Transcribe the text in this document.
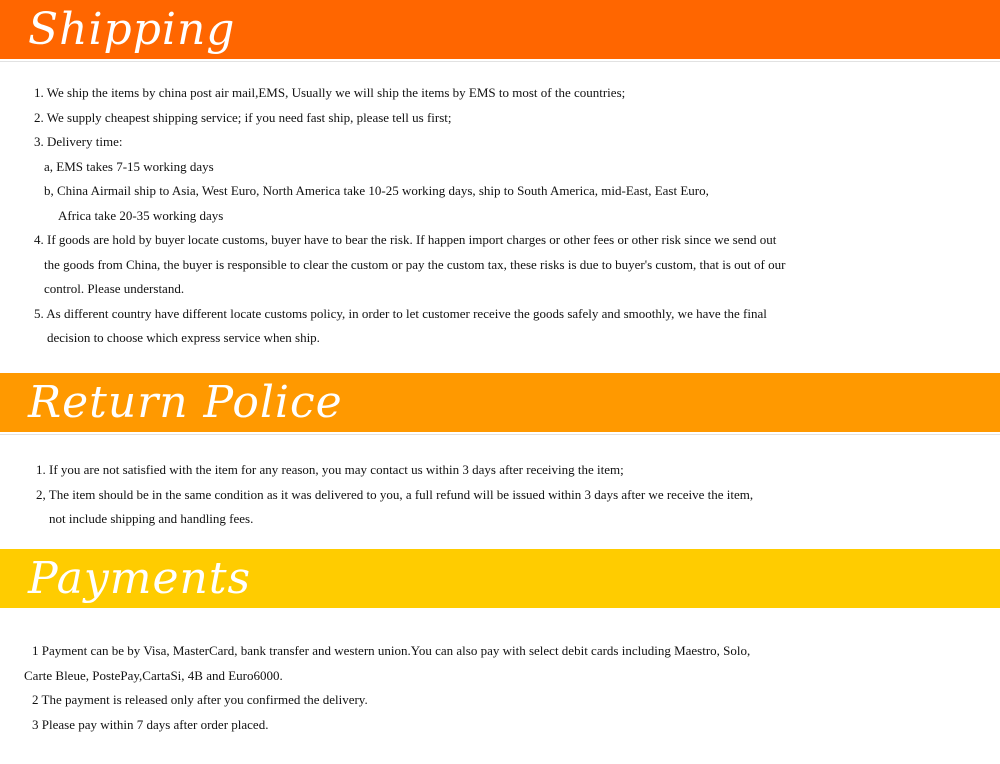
Shipping
1. We ship the items by china post air mail,EMS, Usually we will ship the items by EMS to most of the countries;
2. We supply cheapest shipping service; if you need fast ship, please tell us first;
3. Delivery time:
a, EMS takes 7-15 working days
b, China Airmail ship to Asia, West Euro, North America take 10-25 working days, ship to South America, mid-East, East Euro,
Africa take 20-35 working days
4. If goods are hold by buyer locate customs, buyer have to bear the risk. If happen import charges or other fees or other risk since we send out
the goods from China, the buyer is responsible to clear the custom or pay the custom tax, these risks is due to buyer's custom, that is out of our
control. Please understand.
5. As different country have different locate customs policy, in order to let customer receive the goods safely and smoothly, we have the final
decision to choose which express service when ship.
Return Police
1. If you are not satisfied with the item for any reason, you may contact us within 3 days after receiving the item;
2, The item should be in the same condition as it was delivered to you, a full refund will be issued within 3 days after we receive the item,
not include shipping and handling fees.
Payments
1 Payment can be by Visa, MasterCard, bank transfer and western union.You can also pay with select debit cards including Maestro, Solo,
Carte Bleue, PostePay,CartaSi, 4B and Euro6000.
2 The payment is released only after you confirmed the delivery.
3 Please pay within 7 days after order placed.
